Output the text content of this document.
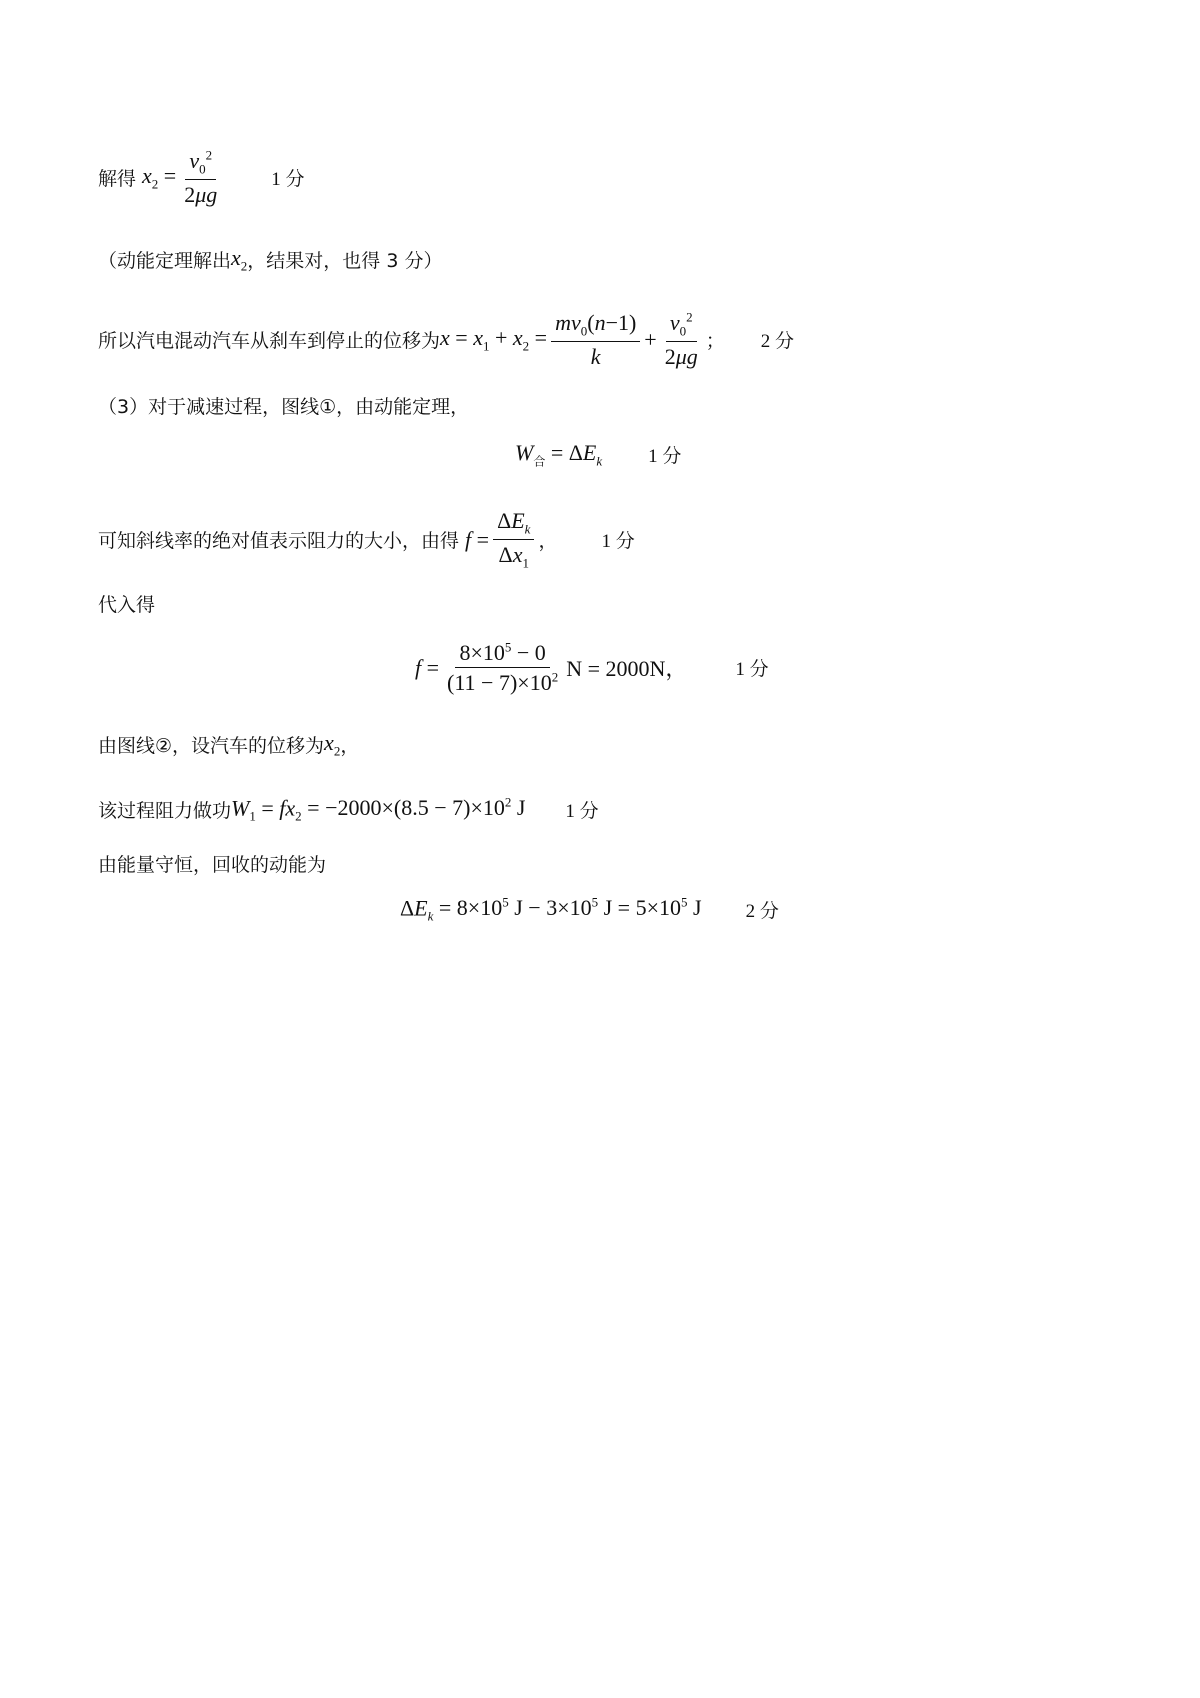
解得 $x_2 = \frac{v_0^2}{2\mu g}$	1 分
（动能定理解出 $x_2$ ，结果对，也得 3 分）
所以汽电混动汽车从刹车到停止的位移为 $x = x_1 + x_2 = \frac{mv_0(n-1)}{k} + \frac{v_0^2}{2\mu g}$ ； 2 分
（3）对于减速过程，图线①，由动能定理，
$W_合 = \Delta E_k$ 1 分
可知斜线率的绝对值表示阻力的大小，由得 $f = \frac{\Delta E_k}{\Delta x_1}$ ， 1 分
代入得
$f = \frac{8\times 10^5 - 0}{(11 - 7)\times 10^2}$ N = 2000N，	1 分
由图线②，设汽车的位移为 $x_2$ ，
该过程阻力做功 $W_1 = fx_2 = -2000\times(8.5 - 7)\times 10^2$ J 1 分
由能量守恒，回收的动能为
$\Delta E_k = 8\times 10^5$ $J - 3\times 10^5$ $J = 5\times 10^5$ J 2 分
